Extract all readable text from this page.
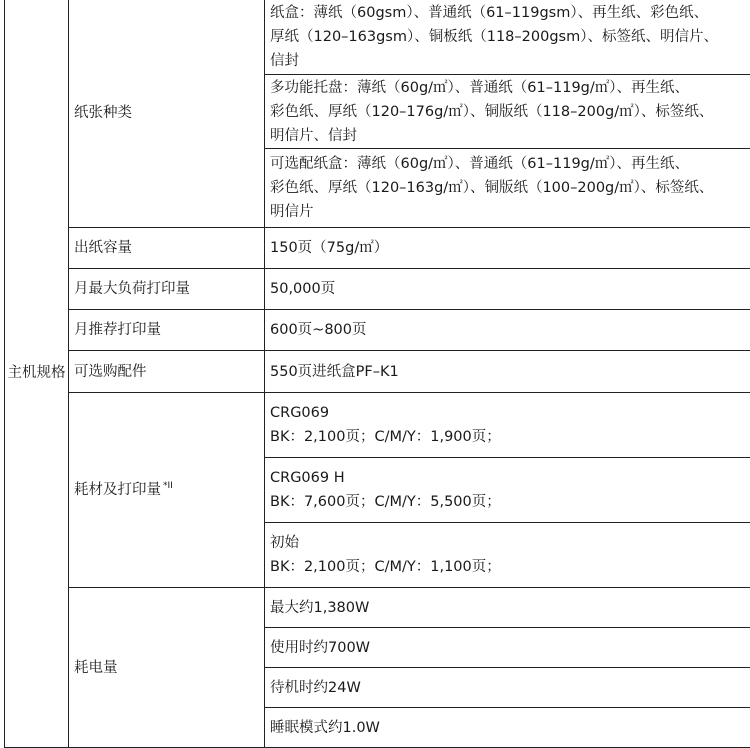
主机规格	纸张种类	纸盒：薄纸（60gsm）、普通纸（61–119gsm）、再生纸、彩色纸、
厚纸（120–163gsm）、铜板纸（118–200gsm）、标签纸、明信片、
信封

		多功能托盘：薄纸（60g/㎡）、普通纸（61–119g/㎡）、再生纸、
彩色纸、厚纸（120–176g/㎡）、铜版纸（118–200g/㎡）、标签纸、
明信片、信封

		可选配纸盒：薄纸（60g/㎡）、普通纸（61–119g/㎡）、再生纸、
彩色纸、厚纸（120–163g/㎡）、铜版纸（100–200g/㎡）、标签纸、
明信片

	出纸容量	150页（75g/㎡）
	月最大负荷打印量	50,000页
	月推荐打印量	600页~800页
	可选购配件	550页进纸盒PF–K1
	耗材及打印量 $^{*II}$	CRG069
BK：2,100页；C/M/Y：1,900页；

		CRG069 H
BK：7,600页；C/M/Y：5,500页；

		初始
BK：2,100页；C/M/Y：1,100页；

	耗电量	最大约1,380W
		使用时约700W
		待机时约24W
		睡眠模式约1.0W
